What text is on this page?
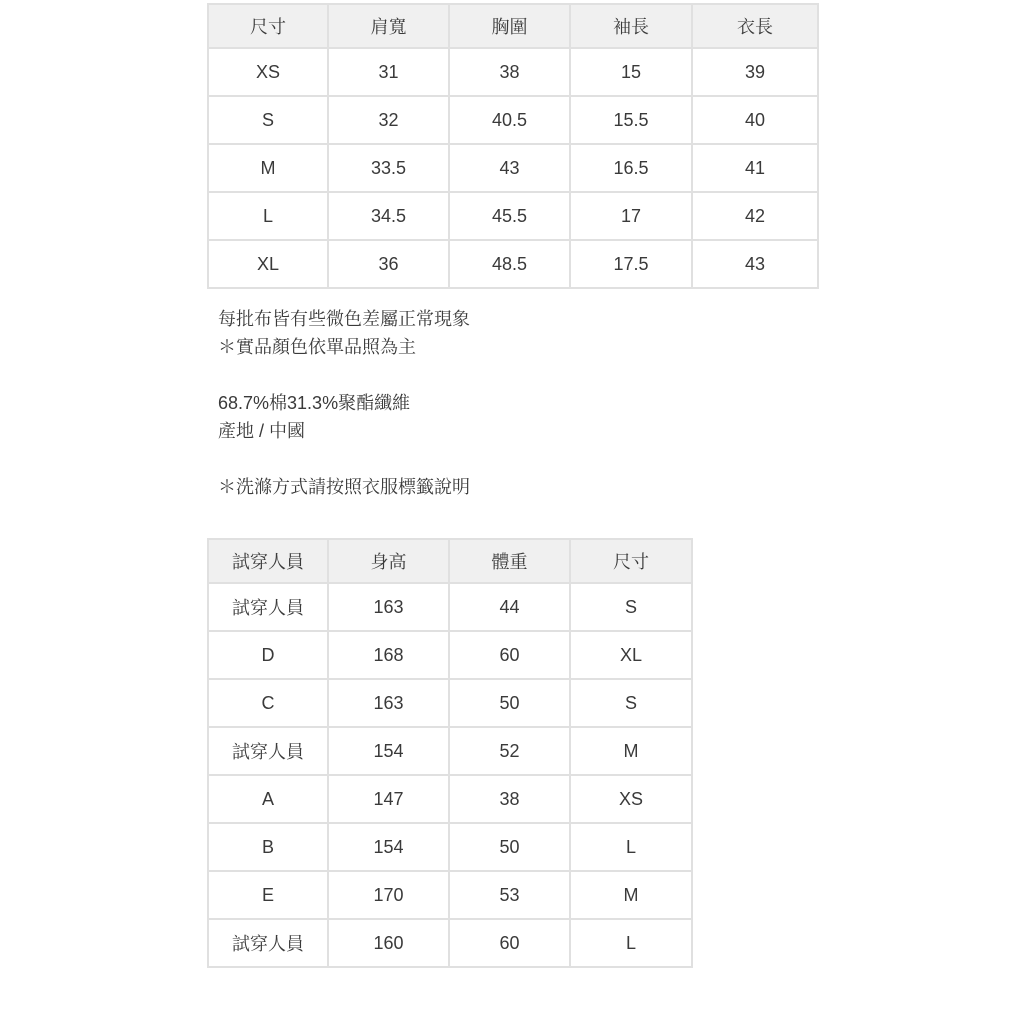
尺寸	肩寬	胸圍	袖長	衣長
XS	31	38	15	39
S	32	40.5	15.5	40
M	33.5	43	16.5	41
L	34.5	45.5	17	42
XL	36	48.5	17.5	43

每批布皆有些微色差屬正常現象

＊實品顏色依單品照為主

68.7%棉31.3%聚酯纖維

產地 / 中國

＊洗滌方式請按照衣服標籤說明

試穿人員	身高	體重	尺寸
試穿人員	163	44	S
D	168	60	XL
C	163	50	S
試穿人員	154	52	M
A	147	38	XS
B	154	50	L
E	170	53	M
試穿人員	160	60	L
